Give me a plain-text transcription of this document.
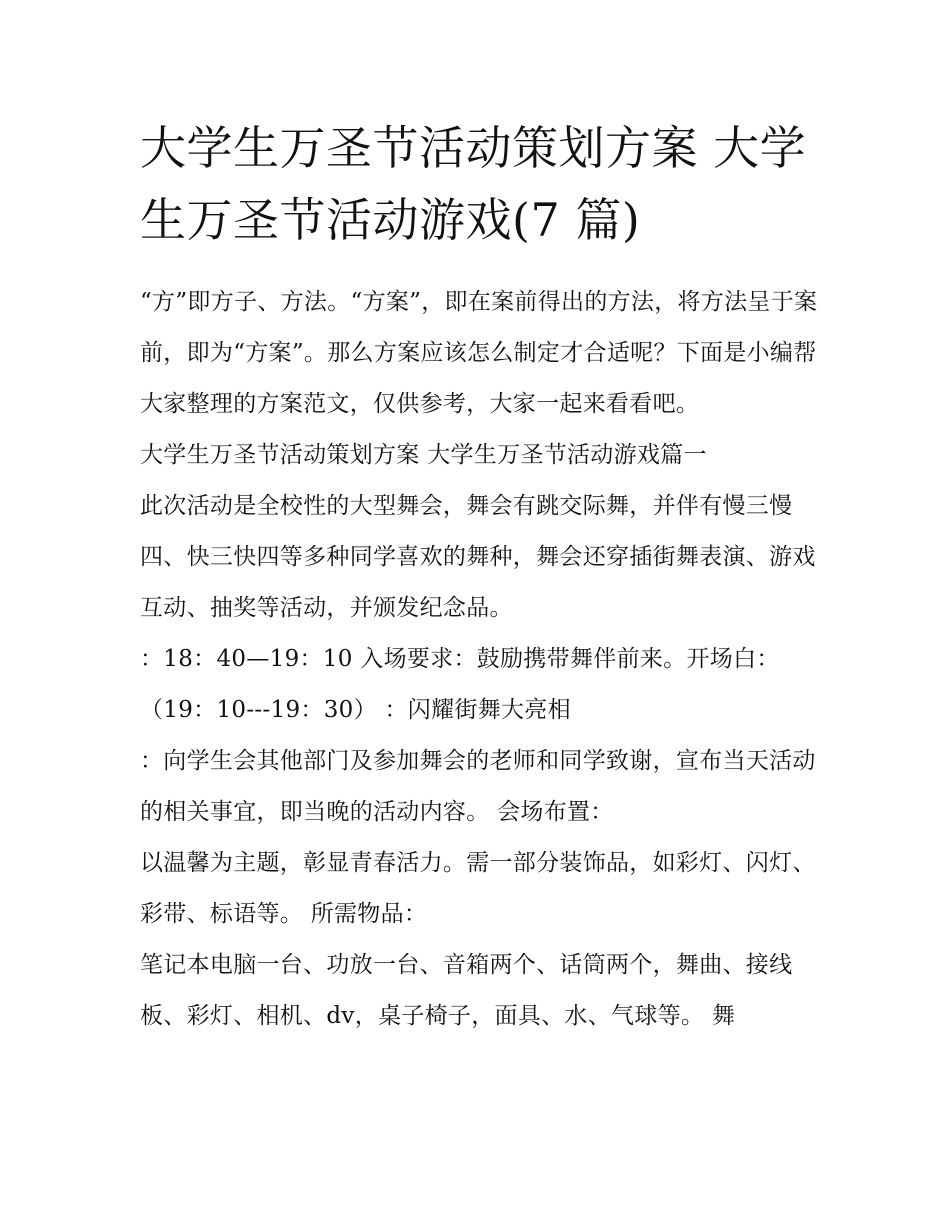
大学生万圣节活动策划方案 大学生万圣节活动游戏(7 篇)

“方”即方子、方法。“方案”，即在案前得出的方法，将方法呈于案前，即为“方案”。那么方案应该怎么制定才合适呢？下面是小编帮大家整理的方案范文，仅供参考，大家一起来看看吧。

大学生万圣节活动策划方案 大学生万圣节活动游戏篇一

此次活动是全校性的大型舞会，舞会有跳交际舞，并伴有慢三慢四、快三快四等多种同学喜欢的舞种，舞会还穿插街舞表演、游戏互动、抽奖等活动，并颁发纪念品。

：18：40—19：10 入场要求：鼓励携带舞伴前来。开场白：

（19：10---19：30） ：闪耀街舞大亮相

：向学生会其他部门及参加舞会的老师和同学致谢，宣布当天活动的相关事宜，即当晚的活动内容。 会场布置：

以温馨为主题，彰显青春活力。需一部分装饰品，如彩灯、闪灯、彩带、标语等。 所需物品：

笔记本电脑一台、功放一台、音箱两个、话筒两个，舞曲、接线板、彩灯、相机、dv，桌子椅子，面具、水、气球等。 舞
